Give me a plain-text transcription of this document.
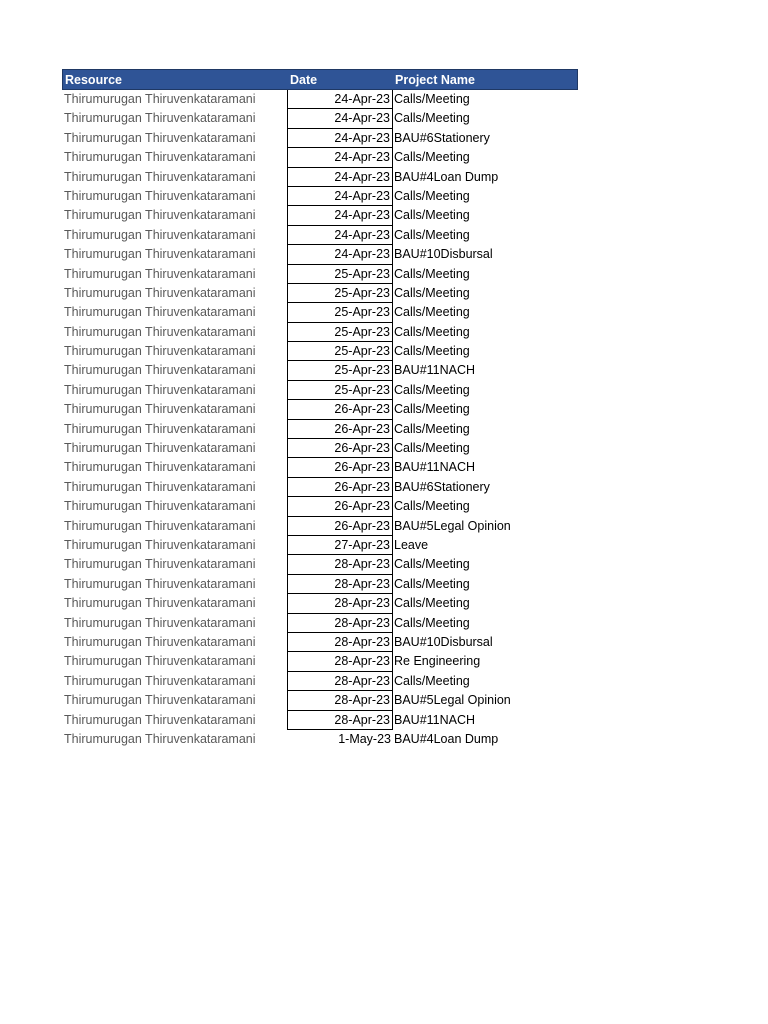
Resource	Date	Project Name
Thirumurugan Thiruvenkataramani	24-Apr-23 Calls/Meeting
Thirumurugan Thiruvenkataramani	24-Apr-23 Calls/Meeting
Thirumurugan Thiruvenkataramani	24-Apr-23 BAU#6Stationery
Thirumurugan Thiruvenkataramani	24-Apr-23 Calls/Meeting
Thirumurugan Thiruvenkataramani	24-Apr-23 BAU#4Loan Dump
Thirumurugan Thiruvenkataramani	24-Apr-23 Calls/Meeting
Thirumurugan Thiruvenkataramani	24-Apr-23 Calls/Meeting
Thirumurugan Thiruvenkataramani	24-Apr-23 Calls/Meeting
Thirumurugan Thiruvenkataramani	24-Apr-23 BAU#10Disbursal
Thirumurugan Thiruvenkataramani	25-Apr-23 Calls/Meeting
Thirumurugan Thiruvenkataramani	25-Apr-23 Calls/Meeting
Thirumurugan Thiruvenkataramani	25-Apr-23 Calls/Meeting
Thirumurugan Thiruvenkataramani	25-Apr-23 Calls/Meeting
Thirumurugan Thiruvenkataramani	25-Apr-23 Calls/Meeting
Thirumurugan Thiruvenkataramani	25-Apr-23 BAU#11NACH
Thirumurugan Thiruvenkataramani	25-Apr-23 Calls/Meeting
Thirumurugan Thiruvenkataramani	26-Apr-23 Calls/Meeting
Thirumurugan Thiruvenkataramani	26-Apr-23 Calls/Meeting
Thirumurugan Thiruvenkataramani	26-Apr-23 Calls/Meeting
Thirumurugan Thiruvenkataramani	26-Apr-23 BAU#11NACH
Thirumurugan Thiruvenkataramani	26-Apr-23 BAU#6Stationery
Thirumurugan Thiruvenkataramani	26-Apr-23 Calls/Meeting
Thirumurugan Thiruvenkataramani	26-Apr-23 BAU#5Legal Opinion
Thirumurugan Thiruvenkataramani	27-Apr-23 Leave
Thirumurugan Thiruvenkataramani	28-Apr-23 Calls/Meeting
Thirumurugan Thiruvenkataramani	28-Apr-23 Calls/Meeting
Thirumurugan Thiruvenkataramani	28-Apr-23 Calls/Meeting
Thirumurugan Thiruvenkataramani	28-Apr-23 Calls/Meeting
Thirumurugan Thiruvenkataramani	28-Apr-23 BAU#10Disbursal
Thirumurugan Thiruvenkataramani	28-Apr-23 Re Engineering
Thirumurugan Thiruvenkataramani	28-Apr-23 Calls/Meeting
Thirumurugan Thiruvenkataramani	28-Apr-23 BAU#5Legal Opinion
Thirumurugan Thiruvenkataramani	28-Apr-23 BAU#11NACH
Thirumurugan Thiruvenkataramani	1-May-23 BAU#4Loan Dump
